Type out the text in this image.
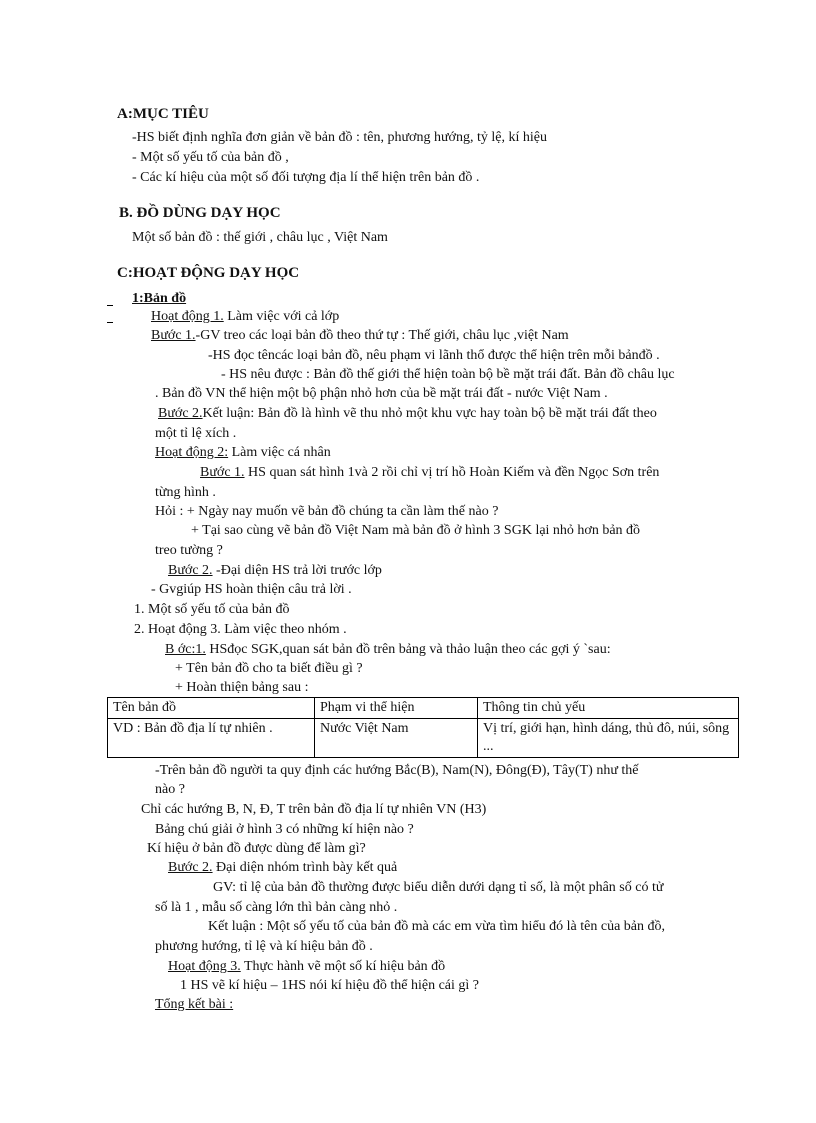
A:MỤC TIÊU
-HS biết định nghĩa đơn giản về bản đồ : tên, phương hướng, tỷ lệ, kí hiệu
- Một số yếu tố của bản đồ ,
- Các kí hiệu của một số đối tượng địa lí thể hiện trên bản đồ .
B. ĐỒ DÙNG DẠY HỌC
Một số bản đồ : thế giới , châu lục , Việt Nam
C:HOẠT ĐỘNG DẠY HỌC
1:Bản đồ
Hoạt động 1. Làm việc với cả lớp
Bước 1.-GV treo các loại bản đồ theo thứ tự : Thế giới, châu lục ,việt Nam
-HS đọc têncác loại bản đồ, nêu phạm vi lãnh thổ được thể hiện trên mỗi bảnđồ .
- HS nêu được : Bản đồ thế giới thể hiện toàn bộ bề mặt trái đất. Bản đồ châu lục
. Bản đồ VN thể hiện một bộ phận nhỏ hơn của bề mặt trái đất - nước Việt Nam .
Bước 2.Kết luận: Bản đồ là hình vẽ thu nhỏ một khu vực hay toàn bộ bề mặt trái đất theo
một tỉ lệ xích .
Hoạt động 2: Làm việc cá nhân
Bước 1. HS quan sát hình 1và 2 rồi chỉ vị trí hồ Hoàn Kiếm và đền Ngọc Sơn trên
từng hình .
Hỏi : + Ngày nay muốn vẽ bản đồ chúng ta cần làm thế nào ?
+ Tại sao cùng vẽ bản đồ Việt Nam mà bản đồ ở hình 3 SGK lại nhỏ hơn bản đồ
treo tường ?
Bước 2. -Đại diện HS trả lời trước lớp
- Gvgiúp HS hoàn thiện câu trả lời .
1. Một số yếu tố của bản đồ
2. Hoạt động 3. Làm việc theo nhóm .
B ớc:1. HSđọc SGK,quan sát bản đồ trên bảng và thảo luận theo các gợi ý `sau:
+ Tên bản đồ cho ta biết điều gì ?
+ Hoàn thiện bảng sau :
Tên bản đồ	Phạm vi thể hiện	Thông tin chủ yếu
VD : Bản đồ địa lí tự nhiên .	Nước Việt Nam	Vị trí, giới hạn, hình dáng, thủ đô, núi, sông ...
-Trên bản đồ người ta quy định các hướng Bắc(B), Nam(N), Đông(Đ), Tây(T) như thế
nào ?
Chỉ các hướng B, N, Đ, T trên bản đồ địa lí tự nhiên VN (H3)
Bảng chú giải ở hình 3 có những kí hiện nào ?
Kí hiệu ở bản đồ được dùng để làm gì?
Bước 2. Đại diện nhóm trình bày kết quả
GV: tỉ lệ của bản đồ thường được biểu diễn dưới dạng tỉ số, là một phân số có tử
số là 1 , mẫu số càng lớn thì bản càng nhỏ .
Kết luận : Một số yếu tố của bản đồ mà các em vừa tìm hiểu đó là tên của bản đồ,
phương hướng, tỉ lệ và kí hiệu bản đồ .
Hoạt động 3. Thực hành vẽ một số kí hiệu bản đồ
1 HS vẽ kí hiệu – 1HS nói kí hiệu đồ thể hiện cái gì ?
Tổng kết bài :
